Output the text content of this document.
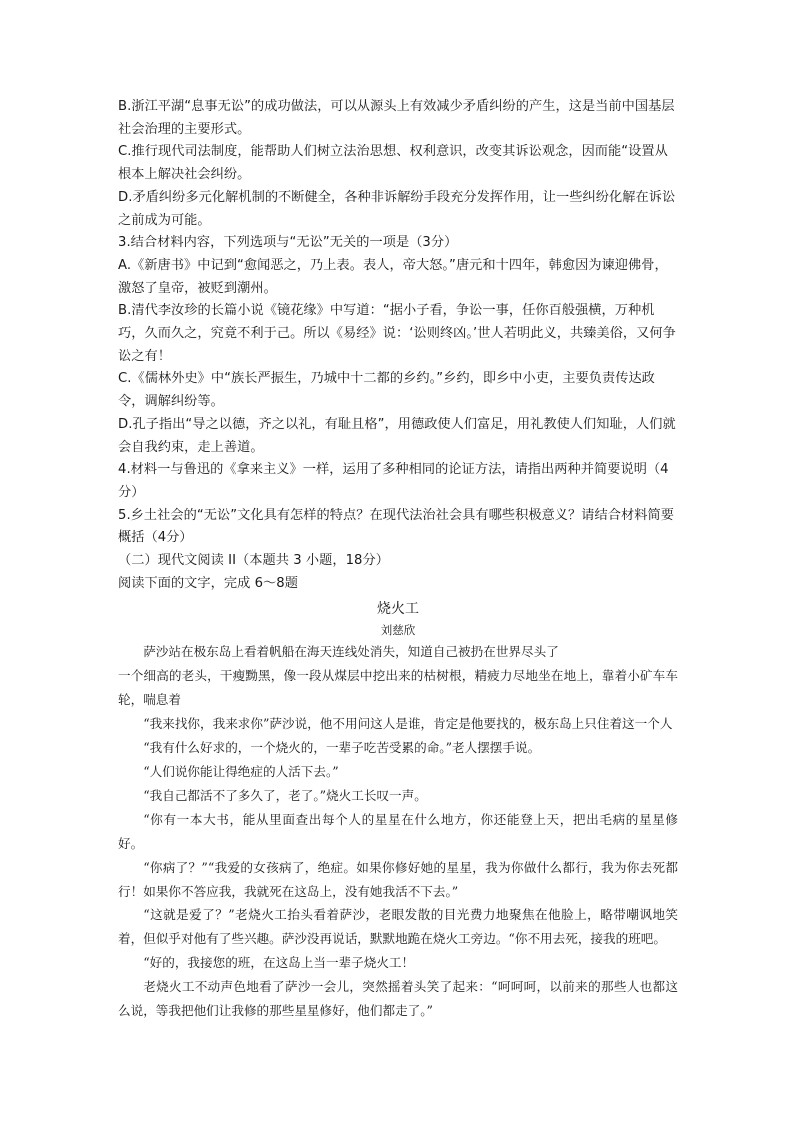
B.浙江平湖“息事无讼”的成功做法，可以从源头上有效减少矛盾纠纷的产生，这是当前中国基层社会治理的主要形式。

C.推行现代司法制度，能帮助人们树立法治思想、权利意识，改变其诉讼观念，因而能“设置从根本上解决社会纠纷。

D.矛盾纠纷多元化解机制的不断健全，各种非诉解纷手段充分发挥作用，让一些纠纷化解在诉讼之前成为可能。

3.结合材料内容，下列选项与“无讼”无关的一项是（3分）

A.《新唐书》中记到“愈闻恶之，乃上表。表人，帝大怒。”唐元和十四年，韩愈因为谏迎佛骨，激怒了皇帝，被贬到潮州。

B.清代李汝珍的长篇小说《镜花缘》中写道：“据小子看，争讼一事，任你百般强横，万种机巧，久而久之，究竟不利于己。所以《易经》说：‘讼则终凶。’世人若明此义，共臻美俗，又何争讼之有！

C.《儒林外史》中“族长严振生，乃城中十二都的乡约。”乡约，即乡中小吏，主要负责传达政令，调解纠纷等。

D.孔子指出“导之以德，齐之以礼，有耻且格”，用德政使人们富足，用礼教使人们知耻，人们就会自我约束，走上善道。

4.材料一与鲁迅的《拿来主义》一样，运用了多种相同的论证方法，请指出两种并简要说明（4分）

5.乡土社会的“无讼”文化具有怎样的特点？在现代法治社会具有哪些积极意义？请结合材料简要概括（4分）

（二）现代文阅读 II（本题共 3 小题，18分）

阅读下面的文字，完成 6～8题

烧火工
刘慈欣

萨沙站在极东岛上看着帆船在海天连线处消失，知道自己被扔在世界尽头了

一个细高的老头，干瘦黝黑，像一段从煤层中挖出来的枯树根，精疲力尽地坐在地上，靠着小矿车车轮，喘息着

“我来找你，我来求你”萨沙说，他不用问这人是谁，肯定是他要找的，极东岛上只住着这一个人

“我有什么好求的，一个烧火的，一辈子吃苦受累的命。”老人摆摆手说。

“人们说你能让得绝症的人活下去。”

“我自己都活不了多久了，老了。”烧火工长叹一声。

“你有一本大书，能从里面查出每个人的星星在什么地方，你还能登上天，把出毛病的星星修好。

“你病了？”“我爱的女孩病了，绝症。如果你修好她的星星，我为你做什么都行，我为你去死都行！如果你不答应我，我就死在这岛上，没有她我活不下去。”

“这就是爱了？”老烧火工抬头看着萨沙，老眼发散的目光费力地聚焦在他脸上，略带嘲讽地笑着，但似乎对他有了些兴趣。萨沙没再说话，默默地跪在烧火工旁边。“你不用去死，接我的班吧。

“好的，我接您的班，在这岛上当一辈子烧火工！

老烧火工不动声色地看了萨沙一会儿，突然摇着头笑了起来：“呵呵呵，以前来的那些人也都这么说，等我把他们让我修的那些星星修好，他们都走了。”
